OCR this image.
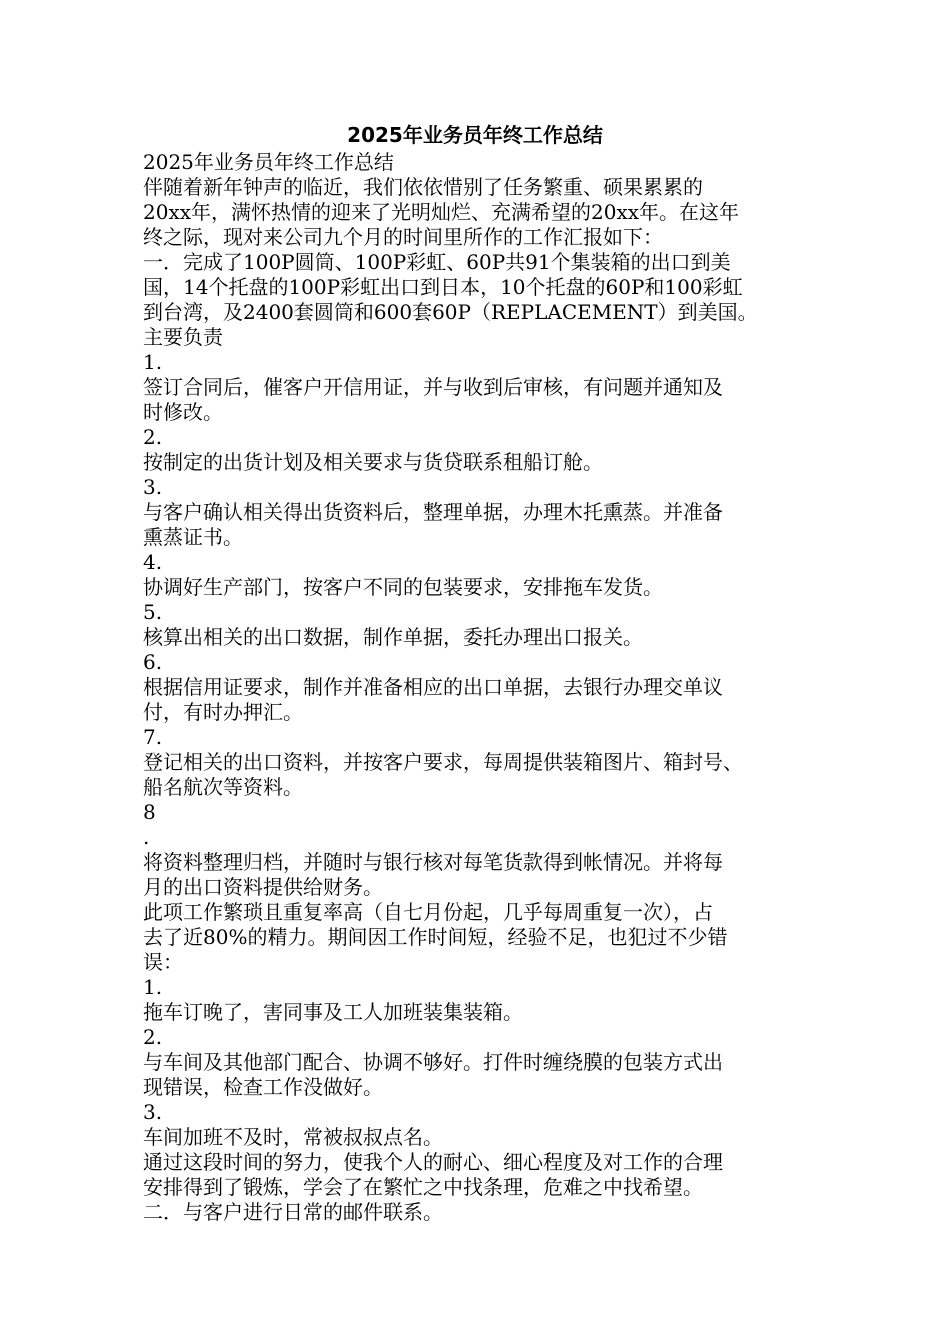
2025年业务员年终工作总结
2025年业务员年终工作总结
伴随着新年钟声的临近，我们依依惜别了任务繁重、硕果累累的
20xx年，满怀热情的迎来了光明灿烂、充满希望的20xx年。在这年
终之际，现对来公司九个月的时间里所作的工作汇报如下：
一．完成了100P圆筒、100P彩虹、60P共91个集装箱的出口到美
国，14个托盘的100P彩虹出口到日本，10个托盘的60P和100彩虹
到台湾，及2400套圆筒和600套60P（REPLACEMENT）到美国。
主要负责
1.
签订合同后，催客户开信用证，并与收到后审核，有问题并通知及
时修改。
2.
按制定的出货计划及相关要求与货贷联系租船订舱。
3.
与客户确认相关得出货资料后，整理单据，办理木托熏蒸。并准备
熏蒸证书。
4.
协调好生产部门，按客户不同的包装要求，安排拖车发货。
5.
核算出相关的出口数据，制作单据，委托办理出口报关。
6.
根据信用证要求，制作并准备相应的出口单据，去银行办理交单议
付，有时办押汇。
7.
登记相关的出口资料，并按客户要求，每周提供装箱图片、箱封号、
船名航次等资料。
8
.
将资料整理归档，并随时与银行核对每笔货款得到帐情况。并将每
月的出口资料提供给财务。
此项工作繁琐且重复率高（自七月份起，几乎每周重复一次），占
去了近80%的精力。期间因工作时间短，经验不足，也犯过不少错
误：
1.
拖车订晚了，害同事及工人加班装集装箱。
2.
与车间及其他部门配合、协调不够好。打件时缠绕膜的包装方式出
现错误，检查工作没做好。
3.
车间加班不及时，常被叔叔点名。
通过这段时间的努力，使我个人的耐心、细心程度及对工作的合理
安排得到了锻炼，学会了在繁忙之中找条理，危难之中找希望。
二．与客户进行日常的邮件联系。
